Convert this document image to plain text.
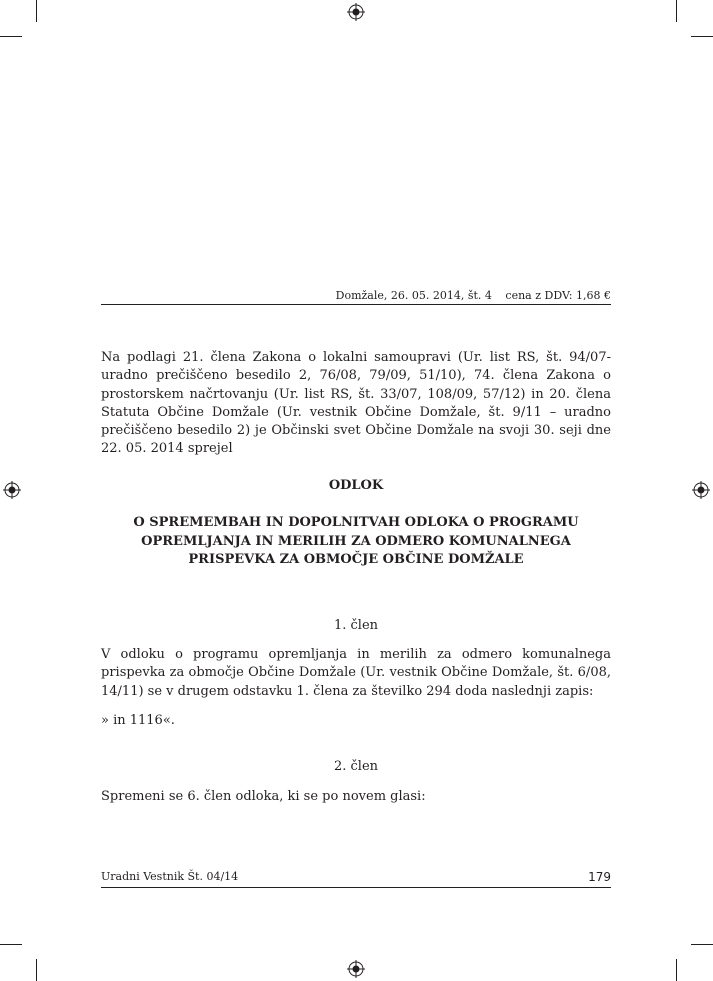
Domžale, 26. 05. 2014, št. 4 cena z DDV: 1,68 €
Na podlagi 21. člena Zakona o lokalni samoupravi (Ur. list RS, št. 94/07- uradno prečiščeno besedilo 2, 76/08, 79/09, 51/10), 74. člena Zakona o prostorskem načrtovanju (Ur. list RS, št. 33/07, 108/09, 57/12) in 20. člena Statuta Občine Domžale (Ur. vestnik Občine Domžale, št. 9/11 – uradno prečiščeno besedilo 2) je Občinski svet Občine Domžale na svoji 30. seji dne 22. 05. 2014 sprejel
ODLOK
O SPREMEMBAH IN DOPOLNITVAH ODLOKA O PROGRAMU
OPREMLJANJA IN MERILIH ZA ODMERO KOMUNALNEGA
PRISPEVKA ZA OBMOČJE OBČINE DOMŽALE
1. člen
V odloku o programu opremljanja in merilih za odmero komunalnega prispevka za območje Občine Domžale (Ur. vestnik Občine Domžale, št. 6/08, 14/11) se v drugem odstavku 1. člena za številko 294 doda naslednji zapis:
» in 1116«.
2. člen
Spremeni se 6. člen odloka, ki se po novem glasi:
Uradni Vestnik Št. 04/14	179
